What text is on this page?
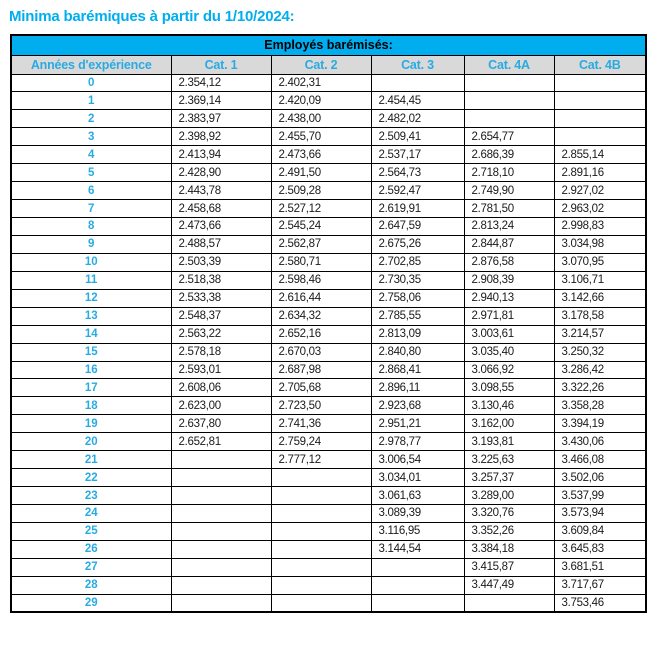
Minima barémiques à partir du 1/10/2024:
Employés barémisés:					
Années d'expérience	Cat. 1	Cat. 2	Cat. 3	Cat. 4A	Cat. 4B
0	2.354,12	2.402,31			
1	2.369,14	2.420,09	2.454,45		
2	2.383,97	2.438,00	2.482,02		
3	2.398,92	2.455,70	2.509,41	2.654,77	
4	2.413,94	2.473,66	2.537,17	2.686,39	2.855,14
5	2.428,90	2.491,50	2.564,73	2.718,10	2.891,16
6	2.443,78	2.509,28	2.592,47	2.749,90	2.927,02
7	2.458,68	2.527,12	2.619,91	2.781,50	2.963,02
8	2.473,66	2.545,24	2.647,59	2.813,24	2.998,83
9	2.488,57	2.562,87	2.675,26	2.844,87	3.034,98
10	2.503,39	2.580,71	2.702,85	2.876,58	3.070,95
11	2.518,38	2.598,46	2.730,35	2.908,39	3.106,71
12	2.533,38	2.616,44	2.758,06	2.940,13	3.142,66
13	2.548,37	2.634,32	2.785,55	2.971,81	3.178,58
14	2.563,22	2.652,16	2.813,09	3.003,61	3.214,57
15	2.578,18	2.670,03	2.840,80	3.035,40	3.250,32
16	2.593,01	2.687,98	2.868,41	3.066,92	3.286,42
17	2.608,06	2.705,68	2.896,11	3.098,55	3.322,26
18	2.623,00	2.723,50	2.923,68	3.130,46	3.358,28
19	2.637,80	2.741,36	2.951,21	3.162,00	3.394,19
20	2.652,81	2.759,24	2.978,77	3.193,81	3.430,06
21		2.777,12	3.006,54	3.225,63	3.466,08
22			3.034,01	3.257,37	3.502,06
23			3.061,63	3.289,00	3.537,99
24			3.089,39	3.320,76	3.573,94
25			3.116,95	3.352,26	3.609,84
26			3.144,54	3.384,18	3.645,83
27				3.415,87	3.681,51
28				3.447,49	3.717,67
29					3.753,46
